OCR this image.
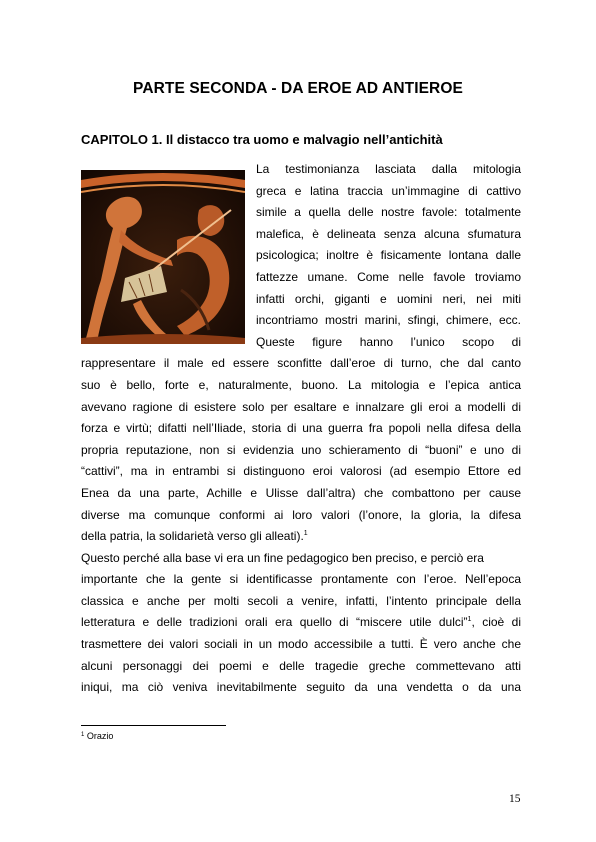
PARTE SECONDA - DA EROE AD ANTIEROE
CAPITOLO 1. Il distacco tra uomo e malvagio nell’antichità
La testimonianza lasciata dalla mitologia
greca e latina traccia un’immagine di cattivo
simile a quella delle nostre favole: totalmente
malefica, è delineata senza alcuna sfumatura
psicologica; inoltre è fisicamente lontana dalle
fattezze umane. Come nelle favole troviamo
infatti orchi, giganti e uomini neri, nei miti
incontriamo mostri marini, sfingi, chimere, ecc.
Queste figure hanno l’unico scopo di
rappresentare il male ed essere sconfitte dall’eroe di turno, che dal canto
suo è bello, forte e, naturalmente, buono. La mitologia e l’epica antica
avevano ragione di esistere solo per esaltare e innalzare gli eroi a modelli di
forza e virtù; difatti nell’Iliade, storia di una guerra fra popoli nella difesa della
propria reputazione, non si evidenzia uno schieramento di “buoni” e uno di
“cattivi”, ma in entrambi si distinguono eroi valorosi (ad esempio Ettore ed
Enea da una parte, Achille e Ulisse dall’altra) che combattono per cause
diverse ma comunque conformi ai loro valori (l’onore, la gloria, la difesa
della patria, la solidarietà verso gli alleati).$^1$
Questo perché alla base vi era un fine pedagogico ben preciso, e perciò era
importante che la gente si identificasse prontamente con l’eroe. Nell’epoca
classica e anche per molti secoli a venire, infatti, l’intento principale della
letteratura e delle tradizioni orali era quello di “miscere utile dulci”$^1$, cioè di
trasmettere dei valori sociali in un modo accessibile a tutti. È vero anche che
alcuni personaggi dei poemi e delle tragedie greche commettevano atti
iniqui, ma ciò veniva inevitabilmente seguito da una vendetta o da una

$^1$ Orazio

15
